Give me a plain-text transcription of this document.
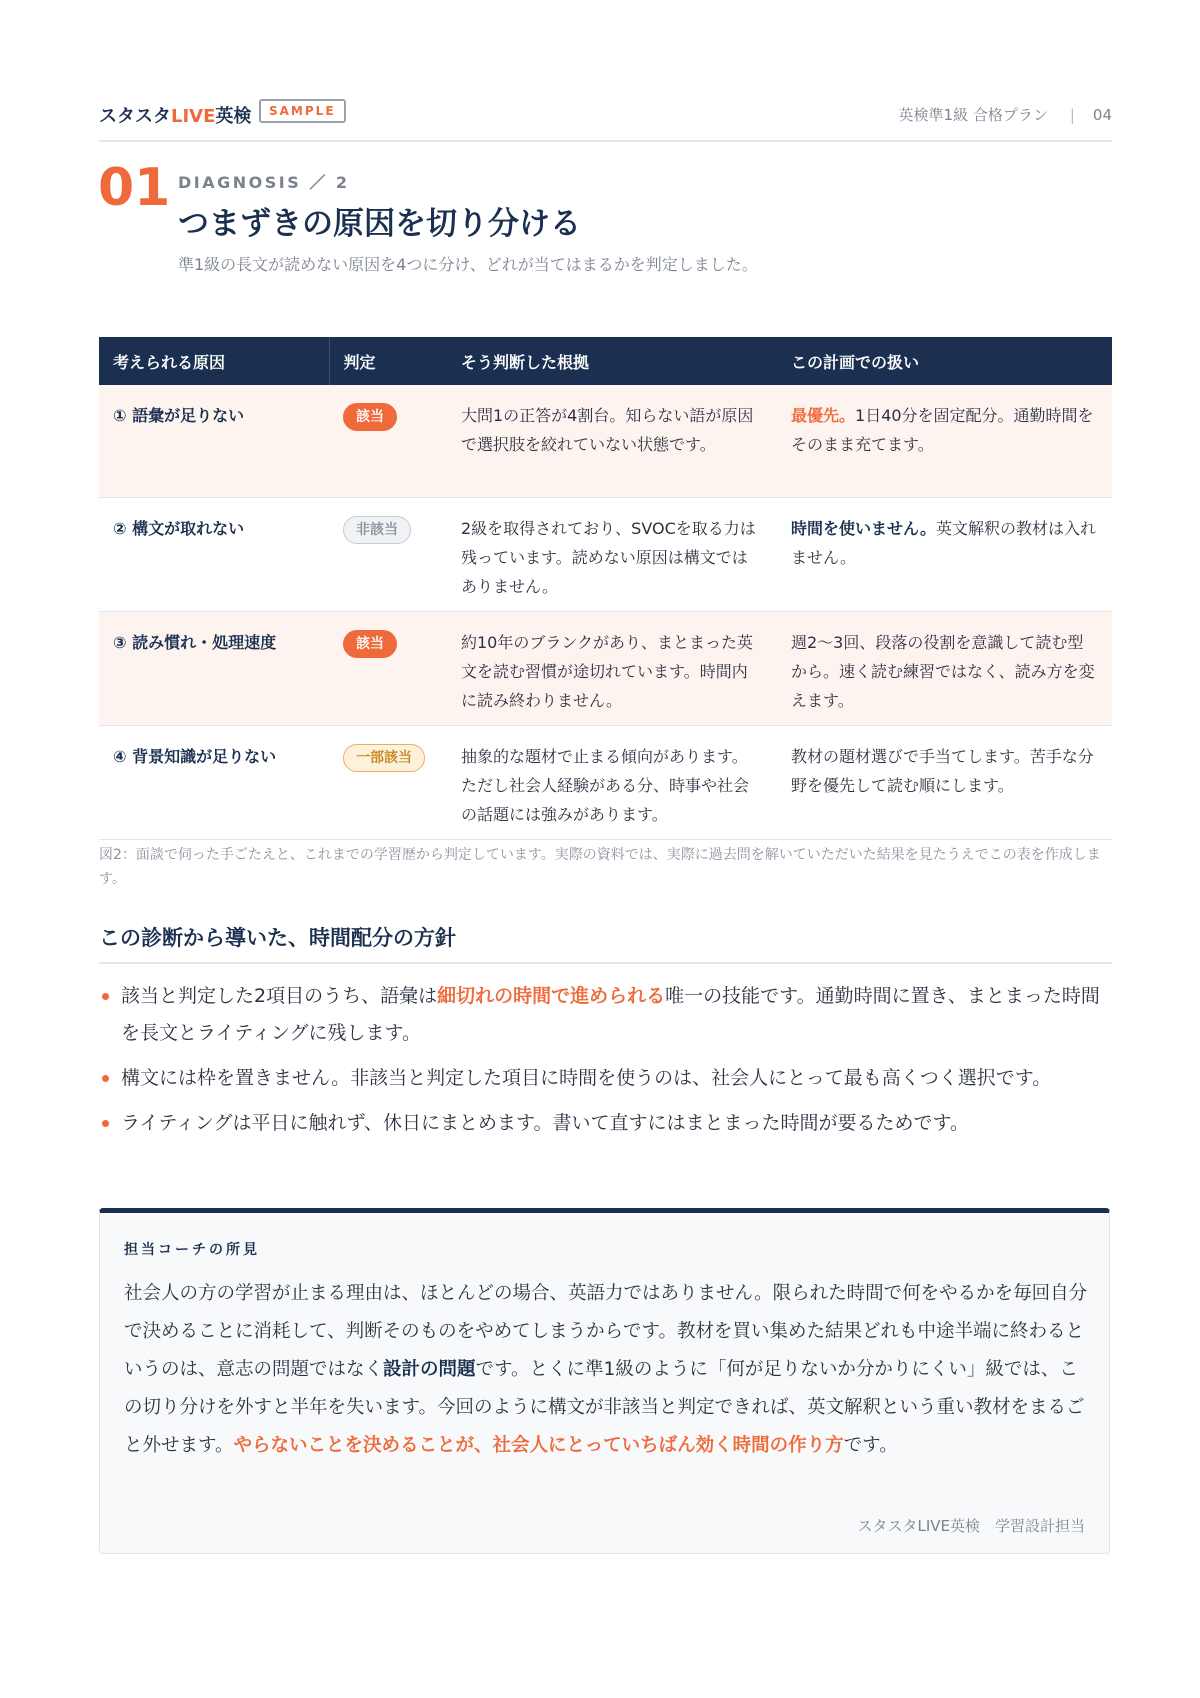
スタスタLIVE英検	SAMPLE	英検準1級 合格プラン | 04
01 DIAGNOSIS ／ 2
つまずきの原因を切り分ける
準1級の長文が読めない原因を4つに分け、どれが当てはまるかを判定しました。
考えられる原因	判定	そう判断した根拠	この計画での扱い
① 語彙が足りない	該当	大問1の正答が4割台。知らない語が原因で選択肢を絞れていない状態です。	最優先。1日40分を固定配分。通勤時間をそのまま充てます。
② 構文が取れない	非該当	2級を取得されており、SVOCを取る力は残っています。読めない原因は構文ではありません。	時間を使いません。英文解釈の教材は入れません。
③ 読み慣れ・処理速度	該当	約10年のブランクがあり、まとまった英文を読む習慣が途切れています。時間内に読み終わりません。	週2〜3回、段落の役割を意識して読む型から。速く読む練習ではなく、読み方を変えます。
④ 背景知識が足りない	一部該当	抽象的な題材で止まる傾向があります。ただし社会人経験がある分、時事や社会の話題には強みがあります。	教材の題材選びで手当てします。苦手な分野を優先して読む順にします。
図2：面談で伺った手ごたえと、これまでの学習歴から判定しています。実際の資料では、実際に過去問を解いていただいた結果を見たうえでこの表を作成します。
この診断から導いた、時間配分の方針
該当と判定した2項目のうち、語彙は細切れの時間で進められる唯一の技能です。通勤時間に置き、まとまった時間を長文とライティングに残します。
構文には枠を置きません。非該当と判定した項目に時間を使うのは、社会人にとって最も高くつく選択です。
ライティングは平日に触れず、休日にまとめます。書いて直すにはまとまった時間が要るためです。
担当コーチの所見
社会人の方の学習が止まる理由は、ほとんどの場合、英語力ではありません。限られた時間で何をやるかを毎回自分で決めることに消耗して、判断そのものをやめてしまうからです。教材を買い集めた結果どれも中途半端に終わるというのは、意志の問題ではなく設計の問題です。とくに準1級のように「何が足りないか分かりにくい」級では、この切り分けを外すと半年を失います。今回のように構文が非該当と判定できれば、英文解釈という重い教材をまるごと外せます。やらないことを決めることが、社会人にとっていちばん効く時間の作り方です。
スタスタLIVE英検　学習設計担当
